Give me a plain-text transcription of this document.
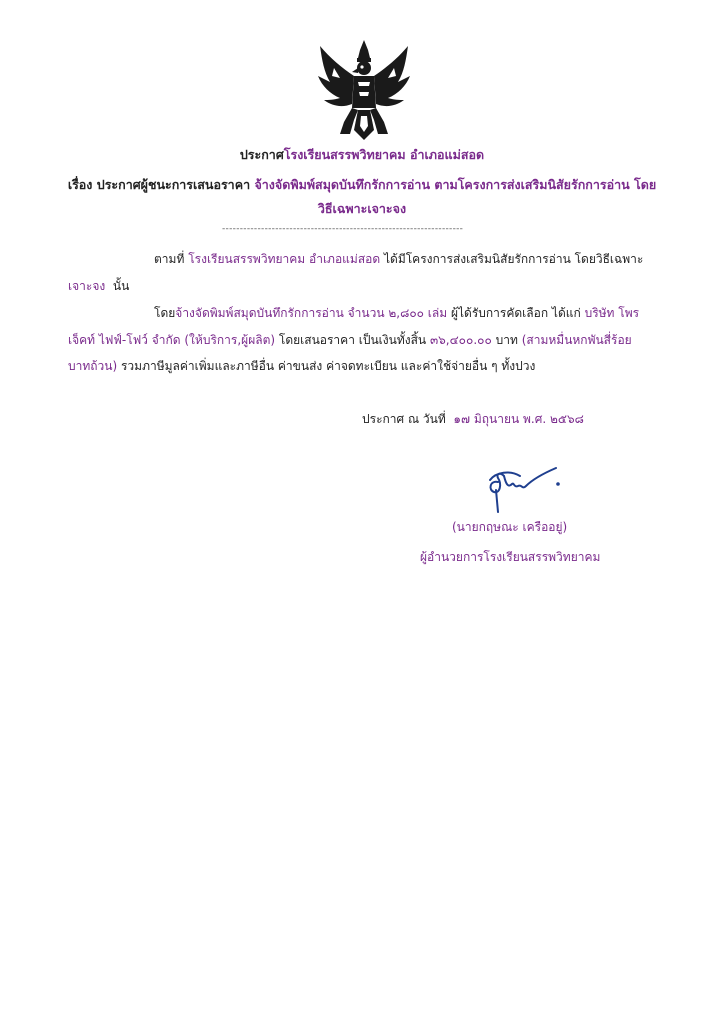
ประกาศโรงเรียนสรรพวิทยาคม อำเภอแม่สอด
เรื่อง ประกาศผู้ชนะการเสนอราคา จ้างจัดพิมพ์สมุดบันทึกรักการอ่าน ตามโครงการส่งเสริมนิสัยรักการอ่าน โดย
วิธีเฉพาะเจาะจง
--------------------------------------------------------------------
ตามที่ โรงเรียนสรรพวิทยาคม อำเภอแม่สอด ได้มีโครงการส่งเสริมนิสัยรักการอ่าน โดยวิธีเฉพาะ
เจาะจง นั้น
โดยจ้างจัดพิมพ์สมุดบันทึกรักการอ่าน จำนวน ๒,๘๐๐ เล่ม ผู้ได้รับการคัดเลือก ได้แก่ บริษัท โพร
เจ็คท์ ไฟฟ์-โฟว์ จำกัด (ให้บริการ,ผู้ผลิต) โดยเสนอราคา เป็นเงินทั้งสิ้น ๓๖,๔๐๐.๐๐ บาท (สามหมื่นหกพันสี่ร้อย
บาทถ้วน) รวมภาษีมูลค่าเพิ่มและภาษีอื่น ค่าขนส่ง ค่าจดทะเบียน และค่าใช้จ่ายอื่น ๆ ทั้งปวง
ประกาศ ณ วันที่ ๑๗ มิถุนายน พ.ศ. ๒๕๖๘
(นายกฤษณะ เครืออยู่)
ผู้อำนวยการโรงเรียนสรรพวิทยาคม
